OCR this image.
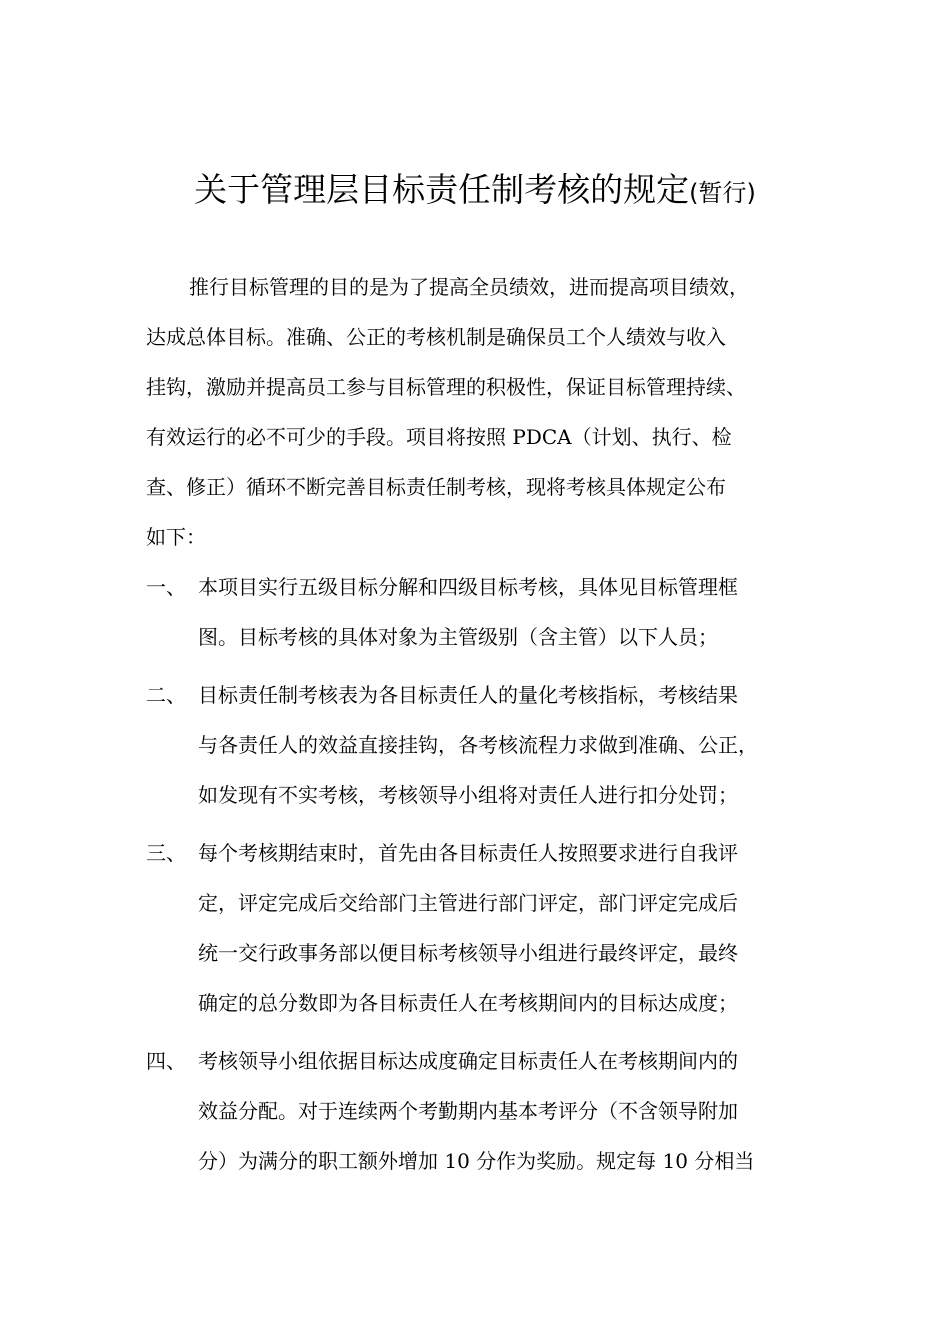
关于管理层目标责任制考核的规定(暂行)
推行目标管理的目的是为了提高全员绩效，进而提高项目绩效，
达成总体目标。准确、公正的考核机制是确保员工个人绩效与收入
挂钩，激励并提高员工参与目标管理的积极性，保证目标管理持续、
有效运行的必不可少的手段。项目将按照 PDCA（计划、执行、检
查、修正）循环不断完善目标责任制考核，现将考核具体规定公布
如下：
一、 本项目实行五级目标分解和四级目标考核，具体见目标管理框
图。目标考核的具体对象为主管级别（含主管）以下人员；
二、 目标责任制考核表为各目标责任人的量化考核指标，考核结果
与各责任人的效益直接挂钩，各考核流程力求做到准确、公正，
如发现有不实考核，考核领导小组将对责任人进行扣分处罚；
三、 每个考核期结束时，首先由各目标责任人按照要求进行自我评
定，评定完成后交给部门主管进行部门评定，部门评定完成后
统一交行政事务部以便目标考核领导小组进行最终评定，最终
确定的总分数即为各目标责任人在考核期间内的目标达成度；
四、 考核领导小组依据目标达成度确定目标责任人在考核期间内的
效益分配。对于连续两个考勤期内基本考评分（不含领导附加
分）为满分的职工额外增加 10 分作为奖励。规定每 10 分相当
